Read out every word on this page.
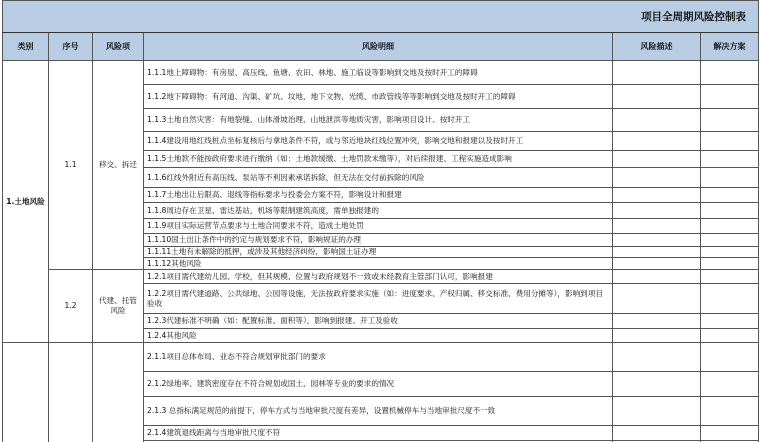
项目全周期风险控制表					
类别	序号	风险项	风险明细	风险描述	解决方案
1.土地风险	1.1	移交、拆迁	1.1.1地上障碍物：有房屋、高压线、鱼塘、农田、林地、施工临设等影响到交地及按时开工的障碍		
			1.1.2地下障碍物：有河道、沟渠、矿坑、坟地、地下文物、光缆、市政管线等等影响到交地及按时开工的障碍		
			1.1.3土地自然灾害：有地裂缝、山体滑坡治理、山地泄洪等地质灾害，影响项目设计、按时开工		
			1.1.4建设用地红线桩点坐标复核后与拿地条件不符，或与邻近地块红线位置冲突，影响交地和报建以及按时开工		
			1.1.5土地款不能按政府要求进行缴纳（如：土地款缓缴、土地罚款未缴等），对后续报建、工程实施造成影响		
			1.1.6红线外附近有高压线、泵站等不利因素承诺拆除，但无法在交付前拆除的风险		
			1.1.7土地出让后限高、退线等指标要求与投委会方案不符，影响设计和报建		
			1.1.8周边存在卫星、雷达基站，机场等限制建筑高度，需单独报建的		
			1.1.9项目实际运营节点要求与土地合同要求不符，造成土地处罚		
			1.1.10国土出让条件中的约定与规划要求不符，影响规证的办理		
			1.1.11土地有未解除的抵押，或涉及其他经济纠纷，影响国土证办理		
			1.1.12其他风险		
	1.2	代建、托管风险	1.2.1项目需代建幼儿园、学校，但其规模、位置与政府规划不一致或未经教育主管部门认可，影响报建		
			1.2.2项目需代建道路、公共绿地、公园等设施，无法按政府要求实施（如：进度要求、产权归属、移交标准、费用分摊等），影响到项目验收		
			1.2.3代建标准不明确（如：配置标准、面积等），影响到报建、开工及验收		
			1.2.4其他风险		
			2.1.1项目总体布局、业态不符合规划审批部门的要求		
			2.1.2绿地率、建筑密度存在不符合规划或国土、园林等专业的要求的情况		
			2.1.3 总指标满足规范的前提下，停车方式与当地审批尺度有差异，设置机械停车与当地审批尺度不一致		
			2.1.4建筑退线距离与当地审批尺度不符		
